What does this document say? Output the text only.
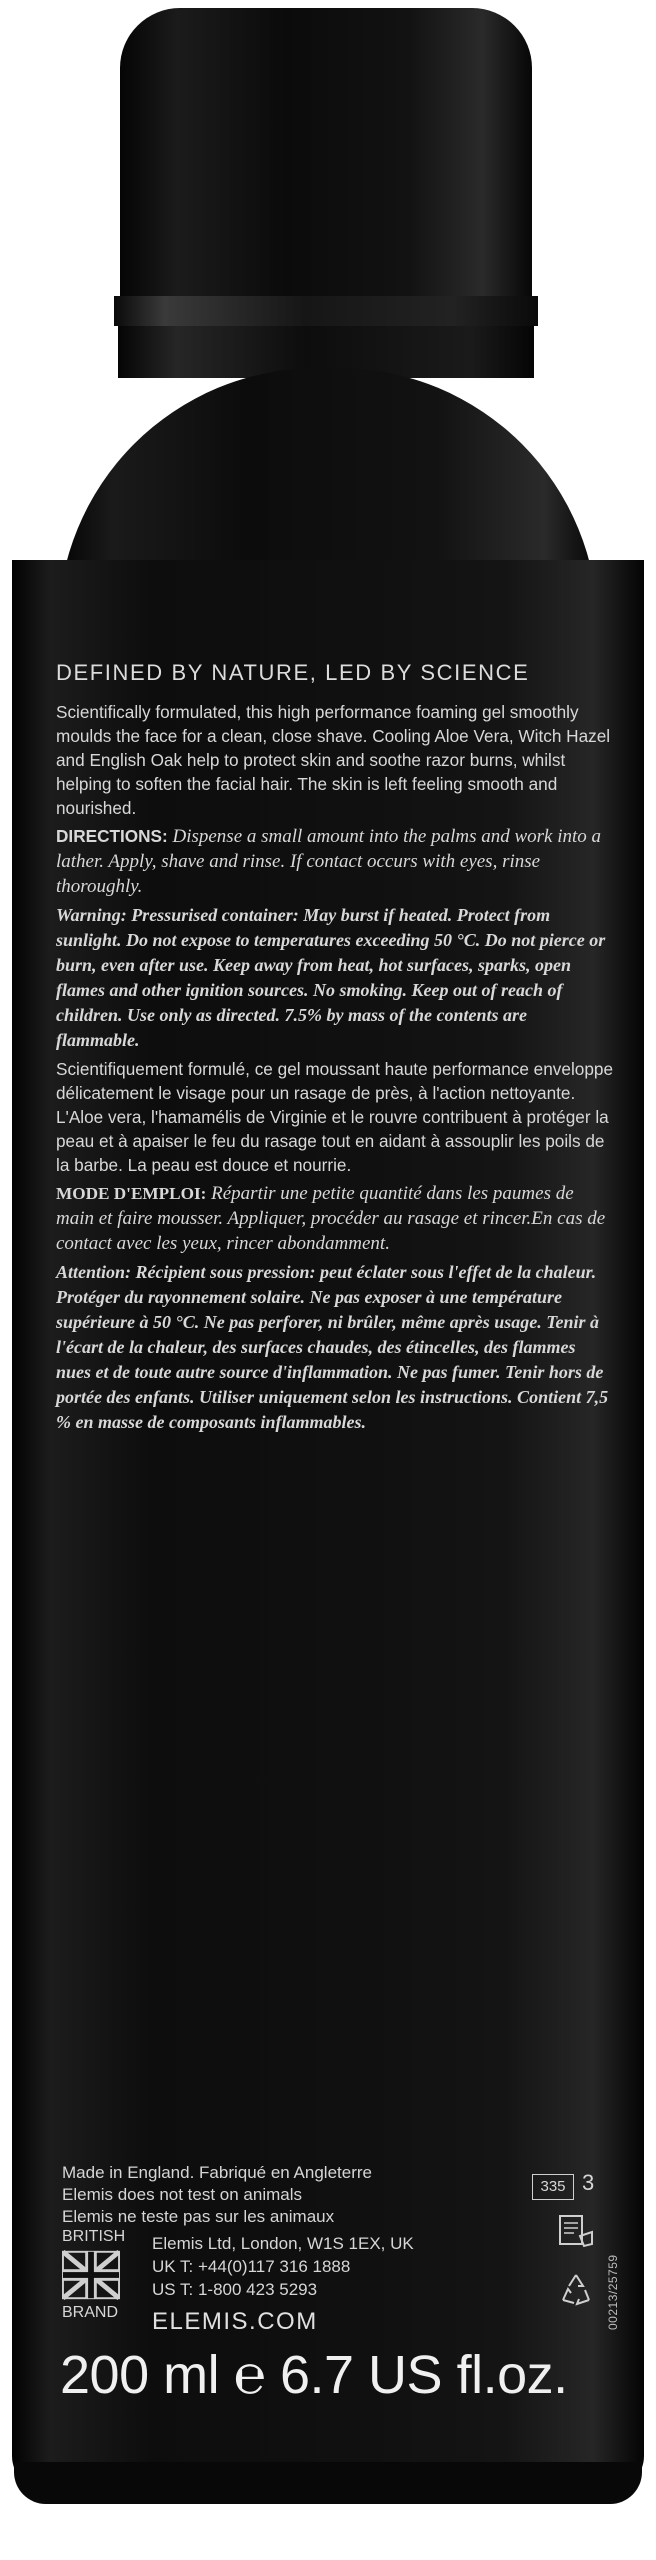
DEFINED BY NATURE, LED BY SCIENCE

Scientifically formulated, this high performance foaming gel smoothly moulds the face for a clean, close shave. Cooling Aloe Vera, Witch Hazel and English Oak help to protect skin and soothe razor burns, whilst helping to soften the facial hair. The skin is left feeling smooth and nourished.

DIRECTIONS: Dispense a small amount into the palms and work into a lather. Apply, shave and rinse. If contact occurs with eyes, rinse thoroughly.

Warning: Pressurised container: May burst if heated. Protect from sunlight. Do not expose to temperatures exceeding 50 °C. Do not pierce or burn, even after use. Keep away from heat, hot surfaces, sparks, open flames and other ignition sources. No smoking. Keep out of reach of children. Use only as directed. 7.5% by mass of the contents are flammable.

Scientifiquement formulé, ce gel moussant haute performance enveloppe délicatement le visage pour un rasage de près, à l'action nettoyante. L'Aloe vera, l'hamamélis de Virginie et le rouvre contribuent à protéger la peau et à apaiser le feu du rasage tout en aidant à assouplir les poils de la barbe. La peau est douce et nourrie.

MODE D'EMPLOI: Répartir une petite quantité dans les paumes de main et faire mousser. Appliquer, procéder au rasage et rincer.En cas de contact avec les yeux, rincer abondamment.

Attention: Récipient sous pression: peut éclater sous l'effet de la chaleur. Protéger du rayonnement solaire. Ne pas exposer à une température supérieure à 50 °C. Ne pas perforer, ni brûler, même après usage. Tenir à l'écart de la chaleur, des surfaces chaudes, des étincelles, des flammes nues et de toute autre source d'inflammation. Ne pas fumer. Tenir hors de portée des enfants. Utiliser uniquement selon les instructions. Contient 7,5 % en masse de composants inflammables.

Made in England. Fabriqué en Angleterre
Elemis does not test on animals
Elemis ne teste pas sur les animaux
BRITISH
BRAND
Elemis Ltd, London, W1S 1EX, UK
UK T: +44(0)117 316 1888
US T: 1-800 423 5293
ELEMIS.COM
200 ml ℮ 6.7 US fl.oz.
335 3
00213/25759
